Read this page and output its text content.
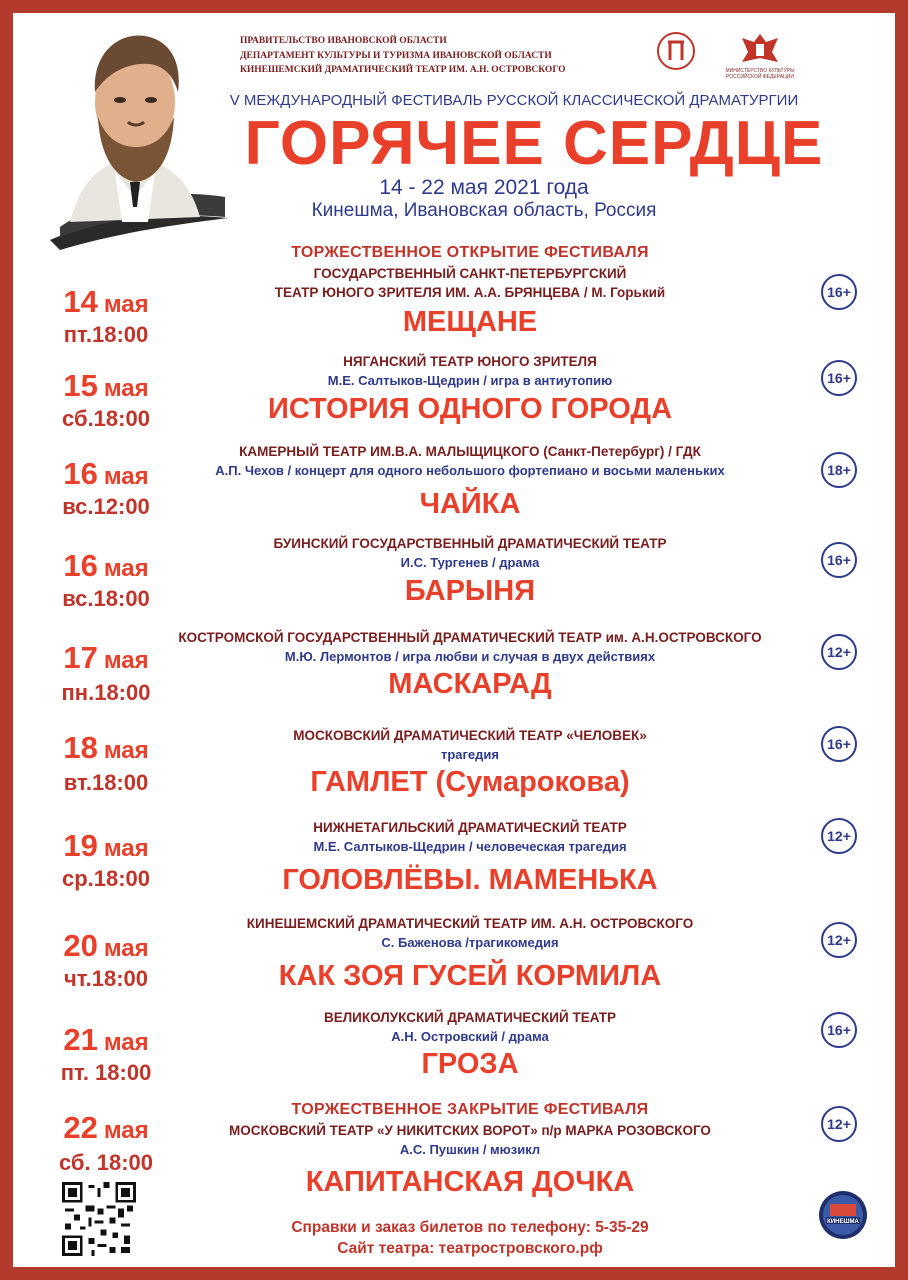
ПРАВИТЕЛЬСТВО ИВАНОВСКОЙ ОБЛАСТИ
ДЕПАРТАМЕНТ КУЛЬТУРЫ И ТУРИЗМА ИВАНОВСКОЙ ОБЛАСТИ
КИНЕШЕМСКИЙ ДРАМАТИЧЕСКИЙ ТЕАТР ИМ. А.Н. ОСТРОВСКОГО	МИНИСТЕРСТВО КУЛЬТУРЫ РОССИЙСКОЙ ФЕДЕРАЦИИ
V МЕЖДУНАРОДНЫЙ ФЕСТИВАЛЬ РУССКОЙ КЛАССИЧЕСКОЙ ДРАМАТУРГИИ
ГОРЯЧЕЕ СЕРДЦЕ
14 - 22 мая 2021 года
Кинешма, Ивановская область, Россия
14 мая
пт.18:00
ТОРЖЕСТВЕННОЕ ОТКРЫТИЕ ФЕСТИВАЛЯ
ГОСУДАРСТВЕННЫЙ САНКТ-ПЕТЕРБУРГСКИЙ
ТЕАТР ЮНОГО ЗРИТЕЛЯ ИМ. А.А. БРЯНЦЕВА / М. Горький
МЕЩАНЕ
16+
15 мая
сб.18:00
НЯГАНСКИЙ ТЕАТР ЮНОГО ЗРИТЕЛЯ
М.Е. Салтыков-Щедрин / игра в антиутопию
ИСТОРИЯ ОДНОГО ГОРОДА
16+
16 мая
вс.12:00
КАМЕРНЫЙ ТЕАТР ИМ.В.А. МАЛЫЩИЦКОГО (Санкт-Петербург) / ГДК
А.П. Чехов / концерт для одного небольшого фортепиано и восьми маленьких
ЧАЙКА
18+
16 мая
вс.18:00
БУИНСКИЙ ГОСУДАРСТВЕННЫЙ ДРАМАТИЧЕСКИЙ ТЕАТР
И.С. Тургенев / драма
БАРЫНЯ
16+
17 мая
пн.18:00
КОСТРОМСКОЙ ГОСУДАРСТВЕННЫЙ ДРАМАТИЧЕСКИЙ ТЕАТР им. А.Н.ОСТРОВСКОГО
М.Ю. Лермонтов / игра любви и случая в двух действиях
МАСКАРАД
12+
18 мая
вт.18:00
МОСКОВСКИЙ ДРАМАТИЧЕСКИЙ ТЕАТР «ЧЕЛОВЕК»
трагедия
ГАМЛЕТ (Сумарокова)
16+
19 мая
ср.18:00
НИЖНЕТАГИЛЬСКИЙ ДРАМАТИЧЕСКИЙ ТЕАТР
М.Е. Салтыков-Щедрин / человеческая трагедия
ГОЛОВЛЁВЫ. МАМЕНЬКА
12+
20 мая
чт.18:00
КИНЕШЕМСКИЙ ДРАМАТИЧЕСКИЙ ТЕАТР ИМ. А.Н. ОСТРОВСКОГО
С. Баженова /трагикомедия
КАК ЗОЯ ГУСЕЙ КОРМИЛА
12+
21 мая
пт. 18:00
ВЕЛИКОЛУКСКИЙ ДРАМАТИЧЕСКИЙ ТЕАТР
А.Н. Островский / драма
ГРОЗА
16+
22 мая
сб. 18:00
ТОРЖЕСТВЕННОЕ ЗАКРЫТИЕ ФЕСТИВАЛЯ
МОСКОВСКИЙ ТЕАТР «У НИКИТСКИХ ВОРОТ» п/р МАРКА РОЗОВСКОГО
А.С. Пушкин / мюзикл
КАПИТАНСКАЯ ДОЧКА
12+
Справки и заказ билетов по телефону: 5-35-29
Сайт театра: театростровского.рф
КИНЕШМА
